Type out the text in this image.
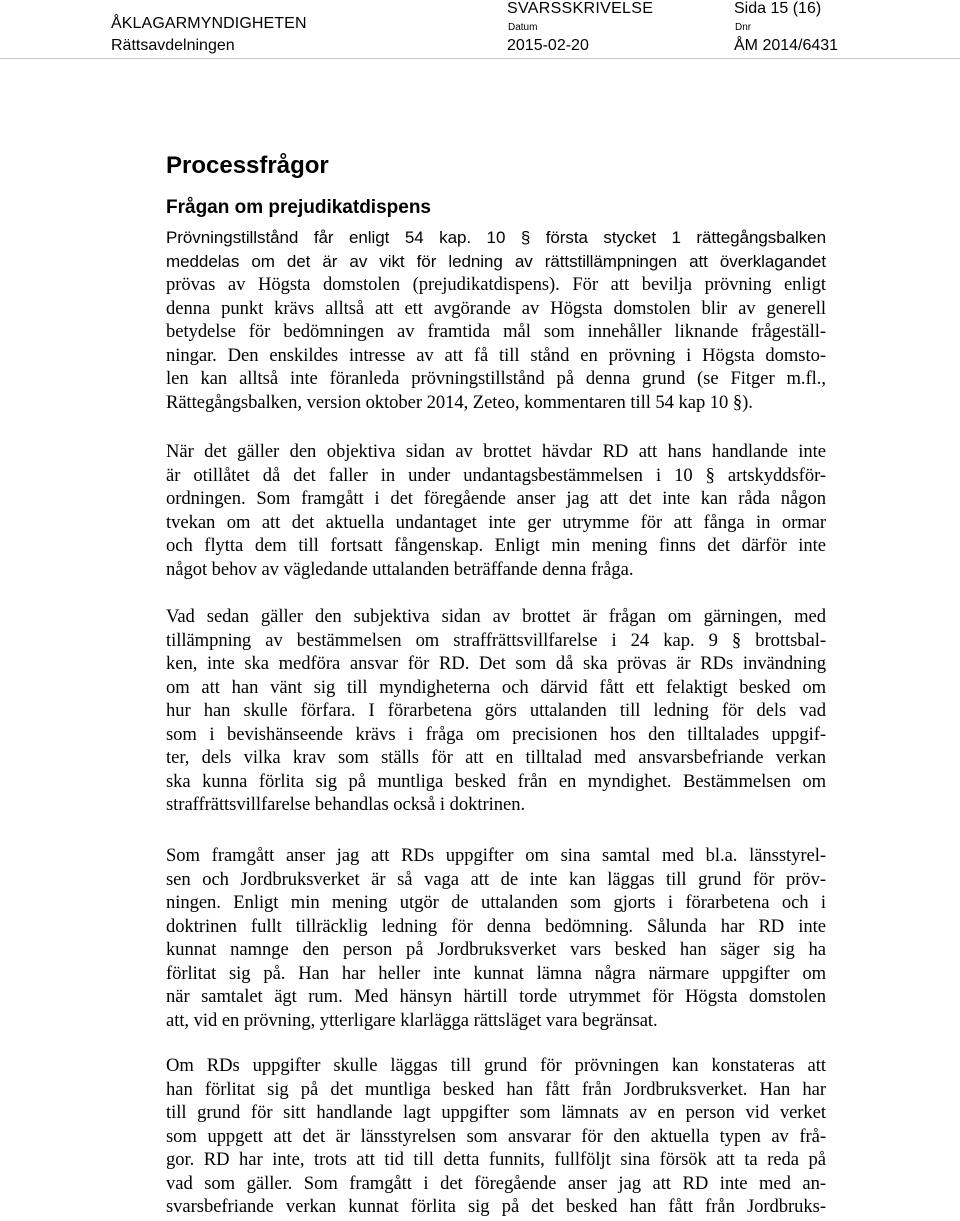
ÅKLAGARMYNDIGHETEN
Rättsavdelningen
SVARSSKRIVELSE	Sida 15 (16)
Datum	Dnr
2015-02-20	ÅM 2014/6431
Processfrågor
Frågan om prejudikatdispens
Prövningstillstånd får enligt 54 kap. 10 § första stycket 1 rättegångsbalken
meddelas om det är av vikt för ledning av rättstillämpningen att överklagandet
prövas av Högsta domstolen (prejudikatdispens). För att bevilja prövning enligt
denna punkt krävs alltså att ett avgörande av Högsta domstolen blir av generell
betydelse för bedömningen av framtida mål som innehåller liknande frågeställ-
ningar. Den enskildes intresse av att få till stånd en prövning i Högsta domsto-
len kan alltså inte föranleda prövningstillstånd på denna grund (se Fitger m.fl.,
Rättegångsbalken, version oktober 2014, Zeteo, kommentaren till 54 kap 10 §).
När det gäller den objektiva sidan av brottet hävdar RD att hans handlande inte
är otillåtet då det faller in under undantagsbestämmelsen i 10 § artskyddsför-
ordningen. Som framgått i det föregående anser jag att det inte kan råda någon
tvekan om att det aktuella undantaget inte ger utrymme för att fånga in ormar
och flytta dem till fortsatt fångenskap. Enligt min mening finns det därför inte
något behov av vägledande uttalanden beträffande denna fråga.
Vad sedan gäller den subjektiva sidan av brottet är frågan om gärningen, med
tillämpning av bestämmelsen om straffrättsvillfarelse i 24 kap. 9 § brottsbal-
ken, inte ska medföra ansvar för RD. Det som då ska prövas är RDs invändning
om att han vänt sig till myndigheterna och därvid fått ett felaktigt besked om
hur han skulle förfara. I förarbetena görs uttalanden till ledning för dels vad
som i bevishänseende krävs i fråga om precisionen hos den tilltalades uppgif-
ter, dels vilka krav som ställs för att en tilltalad med ansvarsbefriande verkan
ska kunna förlita sig på muntliga besked från en myndighet. Bestämmelsen om
straffrättsvillfarelse behandlas också i doktrinen.
Som framgått anser jag att RDs uppgifter om sina samtal med bl.a. länsstyrel-
sen och Jordbruksverket är så vaga att de inte kan läggas till grund för pröv-
ningen. Enligt min mening utgör de uttalanden som gjorts i förarbetena och i
doktrinen fullt tillräcklig ledning för denna bedömning. Sålunda har RD inte
kunnat namnge den person på Jordbruksverket vars besked han säger sig ha
förlitat sig på. Han har heller inte kunnat lämna några närmare uppgifter om
när samtalet ägt rum. Med hänsyn härtill torde utrymmet för Högsta domstolen
att, vid en prövning, ytterligare klarlägga rättsläget vara begränsat.
Om RDs uppgifter skulle läggas till grund för prövningen kan konstateras att
han förlitat sig på det muntliga besked han fått från Jordbruksverket. Han har
till grund för sitt handlande lagt uppgifter som lämnats av en person vid verket
som uppgett att det är länsstyrelsen som ansvarar för den aktuella typen av frå-
gor. RD har inte, trots att tid till detta funnits, fullföljt sina försök att ta reda på
vad som gäller. Som framgått i det föregående anser jag att RD inte med an-
svarsbefriande verkan kunnat förlita sig på det besked han fått från Jordbruks-
